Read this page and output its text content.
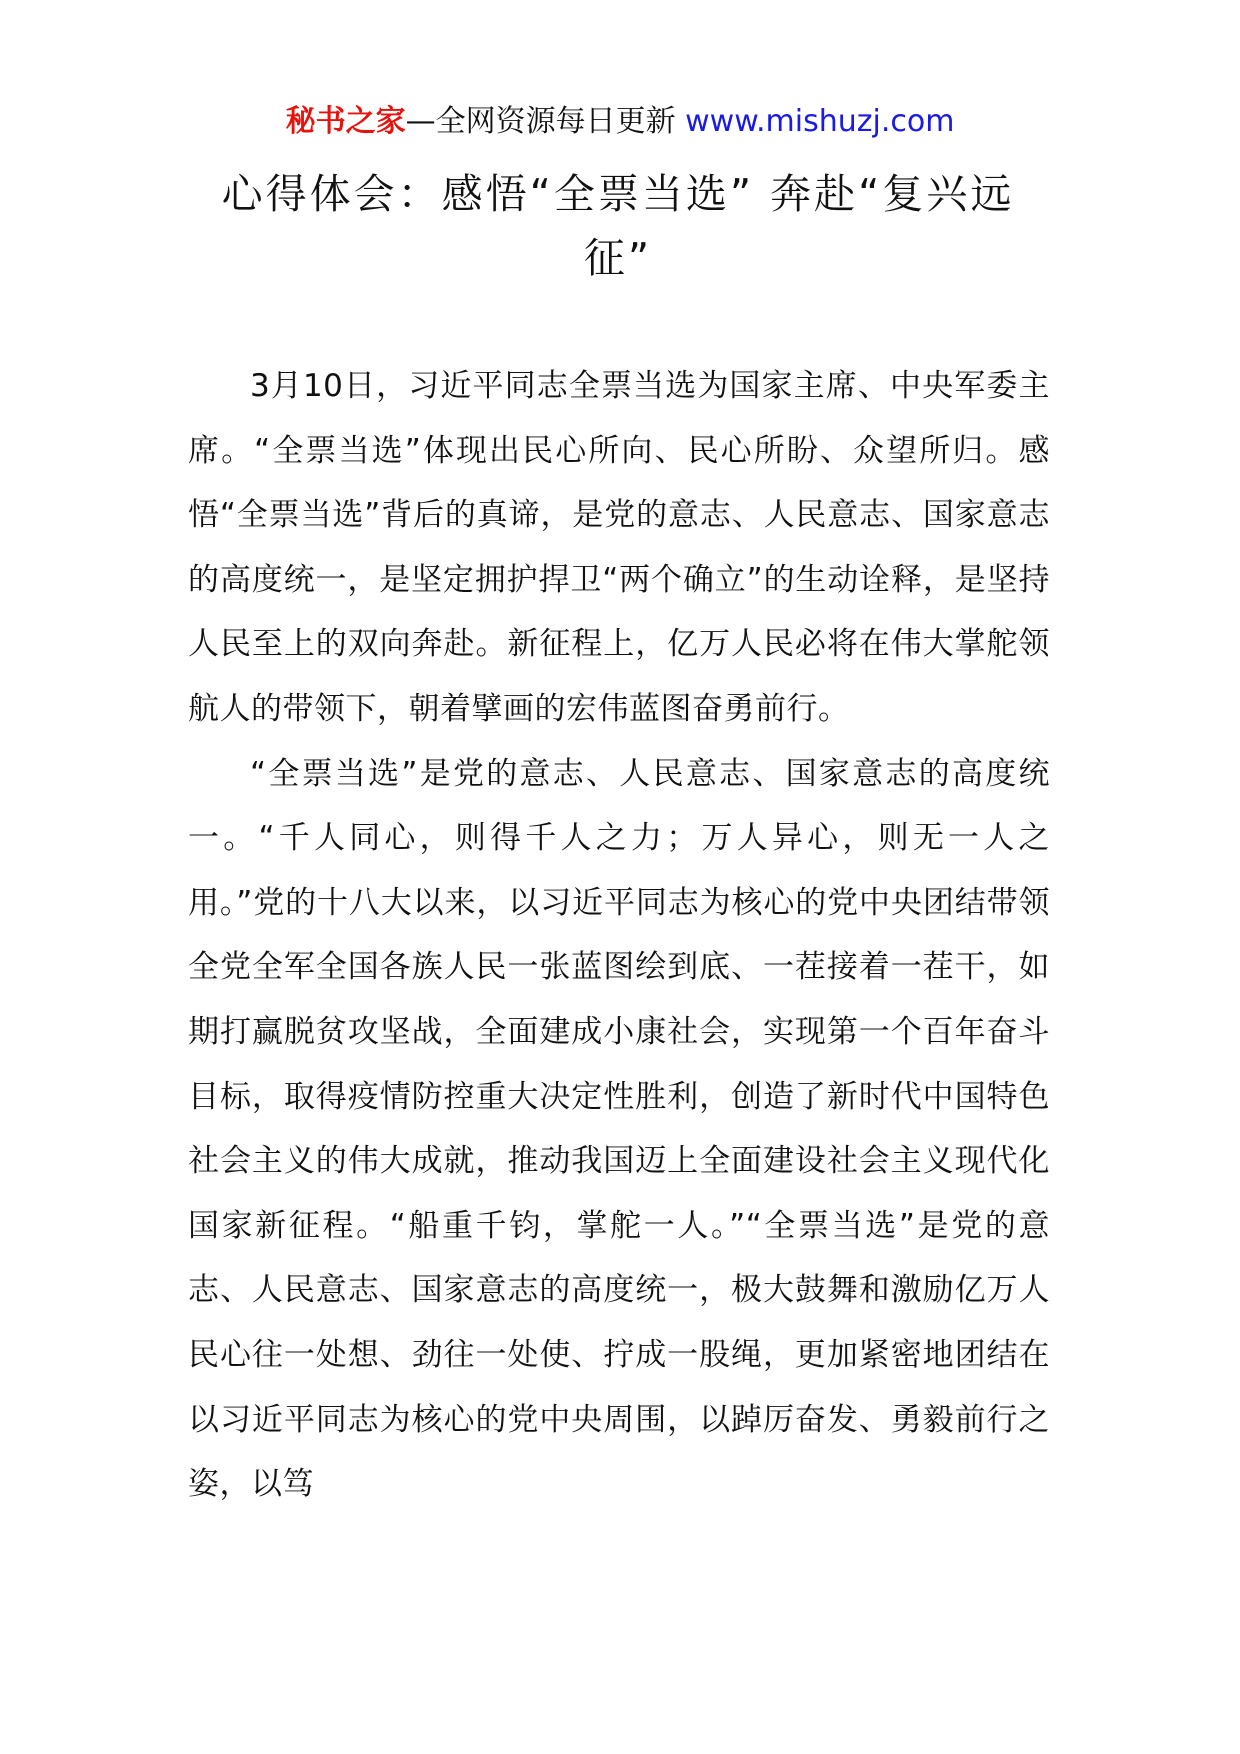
秘书之家—全网资源每日更新 www.mishuzj.com
心得体会：感悟“全票当选” 奔赴“复兴远征”

3月10日，习近平同志全票当选为国家主席、中央军委主席。“全票当选”体现出民心所向、民心所盼、众望所归。感悟“全票当选”背后的真谛，是党的意志、人民意志、国家意志的高度统一，是坚定拥护捍卫“两个确立”的生动诠释，是坚持人民至上的双向奔赴。新征程上，亿万人民必将在伟大掌舵领航人的带领下，朝着擘画的宏伟蓝图奋勇前行。

“全票当选”是党的意志、人民意志、国家意志的高度统一。“千人同心，则得千人之力；万人异心，则无一人之用。”党的十八大以来，以习近平同志为核心的党中央团结带领全党全军全国各族人民一张蓝图绘到底、一茬接着一茬干，如期打赢脱贫攻坚战，全面建成小康社会，实现第一个百年奋斗目标，取得疫情防控重大决定性胜利，创造了新时代中国特色社会主义的伟大成就，推动我国迈上全面建设社会主义现代化国家新征程。“船重千钧，掌舵一人。”“全票当选”是党的意志、人民意志、国家意志的高度统一，极大鼓舞和激励亿万人民心往一处想、劲往一处使、拧成一股绳，更加紧密地团结在以习近平同志为核心的党中央周围，以踔厉奋发、勇毅前行之姿，以笃
